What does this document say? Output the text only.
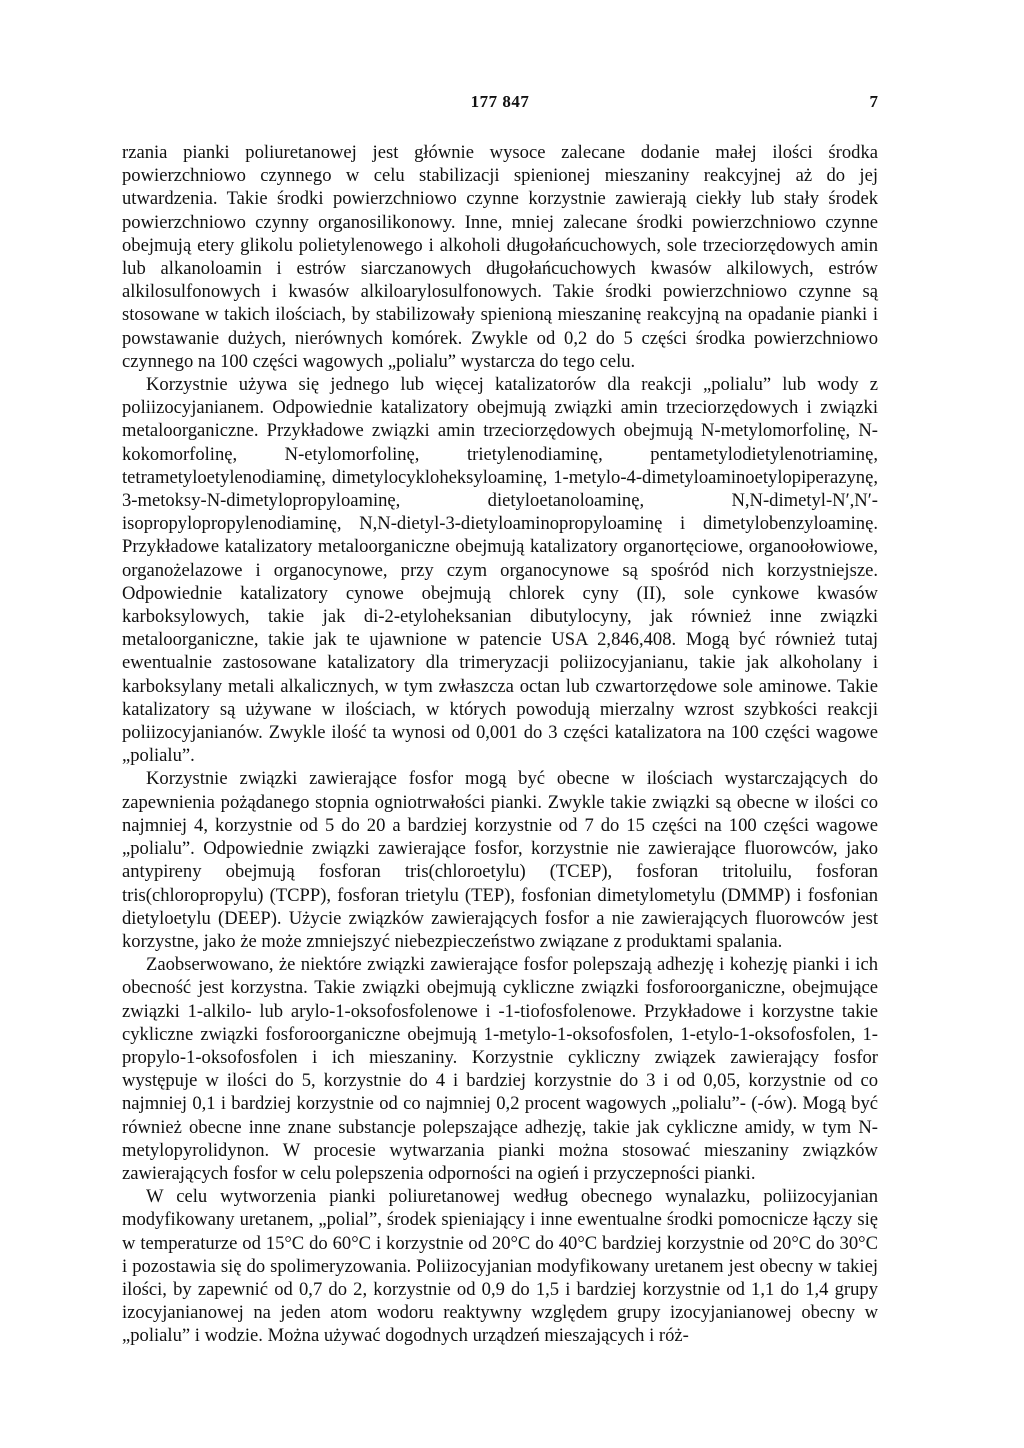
177 847	7

rzania pianki poliuretanowej jest głównie wysoce zalecane dodanie małej ilości środka powierzchniowo czynnego w celu stabilizacji spienionej mieszaniny reakcyjnej aż do jej utwardzenia. Takie środki powierzchniowo czynne korzystnie zawierają ciekły lub stały środek powierzchniowo czynny organosilikonowy. Inne, mniej zalecane środki powierzchniowo czynne obejmują etery glikolu polietylenowego i alkoholi długołańcuchowych, sole trzeciorzędowych amin lub alkanoloamin i estrów siarczanowych długołańcuchowych kwasów alkilowych, estrów alkilosulfonowych i kwasów alkiloarylosulfonowych. Takie środki powierzchniowo czynne są stosowane w takich ilościach, by stabilizowały spienioną mieszaninę reakcyjną na opadanie pianki i powstawanie dużych, nierównych komórek. Zwykle od 0,2 do 5 części środka powierzchniowo czynnego na 100 części wagowych „polialu” wystarcza do tego celu.

Korzystnie używa się jednego lub więcej katalizatorów dla reakcji „polialu” lub wody z poliizocyjanianem. Odpowiednie katalizatory obejmują związki amin trzeciorzędowych i związki metaloorganiczne. Przykładowe związki amin trzeciorzędowych obejmują N-metylomorfolinę, N-kokomorfolinę, N-etylomorfolinę, trietylenodiaminę, pentametylodietylenotriaminę, tetrametyloetylenodiaminę, dimetylocykloheksyloaminę, 1-metylo-4-dimetyloaminoetylopiperazynę, 3-metoksy-N-dimetylopropyloaminę, dietyloetanoloaminę, N,N-dimetyl-N′,N′-isopropylopropylenodiaminę, N,N-dietyl-3-dietyloaminopropyloaminę i dimetylobenzyloaminę. Przykładowe katalizatory metaloorganiczne obejmują katalizatory organortęciowe, organoołowiowe, organożelazowe i organocynowe, przy czym organocynowe są spośród nich korzystniejsze. Odpowiednie katalizatory cynowe obejmują chlorek cyny (II), sole cynkowe kwasów karboksylowych, takie jak di-2-etyloheksanian dibutylocyny, jak również inne związki metaloorganiczne, takie jak te ujawnione w patencie USA 2,846,408. Mogą być również tutaj ewentualnie zastosowane katalizatory dla trimeryzacji poliizocyjanianu, takie jak alkoholany i karboksylany metali alkalicznych, w tym zwłaszcza octan lub czwartorzędowe sole aminowe. Takie katalizatory są używane w ilościach, w których powodują mierzalny wzrost szybkości reakcji poliizocyjanianów. Zwykle ilość ta wynosi od 0,001 do 3 części katalizatora na 100 części wagowe „polialu”.

Korzystnie związki zawierające fosfor mogą być obecne w ilościach wystarczających do zapewnienia pożądanego stopnia ogniotrwałości pianki. Zwykle takie związki są obecne w ilości co najmniej 4, korzystnie od 5 do 20 a bardziej korzystnie od 7 do 15 części na 100 części wagowe „polialu”. Odpowiednie związki zawierające fosfor, korzystnie nie zawierające fluorowców, jako antypireny obejmują fosforan tris(chloroetylu) (TCEP), fosforan tritoluilu, fosforan tris(chloropropylu) (TCPP), fosforan trietylu (TEP), fosfonian dimetylometylu (DMMP) i fosfonian dietyloetylu (DEEP). Użycie związków zawierających fosfor a nie zawierających fluorowców jest korzystne, jako że może zmniejszyć niebezpieczeństwo związane z produktami spalania.

Zaobserwowano, że niektóre związki zawierające fosfor polepszają adhezję i kohezję pianki i ich obecność jest korzystna. Takie związki obejmują cykliczne związki fosforoorganiczne, obejmujące związki 1-alkilo- lub arylo-1-oksofosfolenowe i -1-tiofosfolenowe. Przykładowe i korzystne takie cykliczne związki fosforoorganiczne obejmują 1-metylo-1-oksofosfolen, 1-etylo-1-oksofosfolen, 1-propylo-1-oksofosfolen i ich mieszaniny. Korzystnie cykliczny związek zawierający fosfor występuje w ilości do 5, korzystnie do 4 i bardziej korzystnie do 3 i od 0,05, korzystnie od co najmniej 0,1 i bardziej korzystnie od co najmniej 0,2 procent wagowych „polialu”- (-ów). Mogą być również obecne inne znane substancje polepszające adhezję, takie jak cykliczne amidy, w tym N-metylopyrolidynon. W procesie wytwarzania pianki można stosować mieszaniny związków zawierających fosfor w celu polepszenia odporności na ogień i przyczepności pianki.

W celu wytworzenia pianki poliuretanowej według obecnego wynalazku, poliizocyjanian modyfikowany uretanem, „polial”, środek spieniający i inne ewentualne środki pomocnicze łączy się w temperaturze od 15°C do 60°C i korzystnie od 20°C do 40°C bardziej korzystnie od 20°C do 30°C i pozostawia się do spolimeryzowania. Poliizocyjanian modyfikowany uretanem jest obecny w takiej ilości, by zapewnić od 0,7 do 2, korzystnie od 0,9 do 1,5 i bardziej korzystnie od 1,1 do 1,4 grupy izocyjanianowej na jeden atom wodoru reaktywny względem grupy izocyjanianowej obecny w „polialu” i wodzie. Można używać dogodnych urządzeń mieszających i róż-
